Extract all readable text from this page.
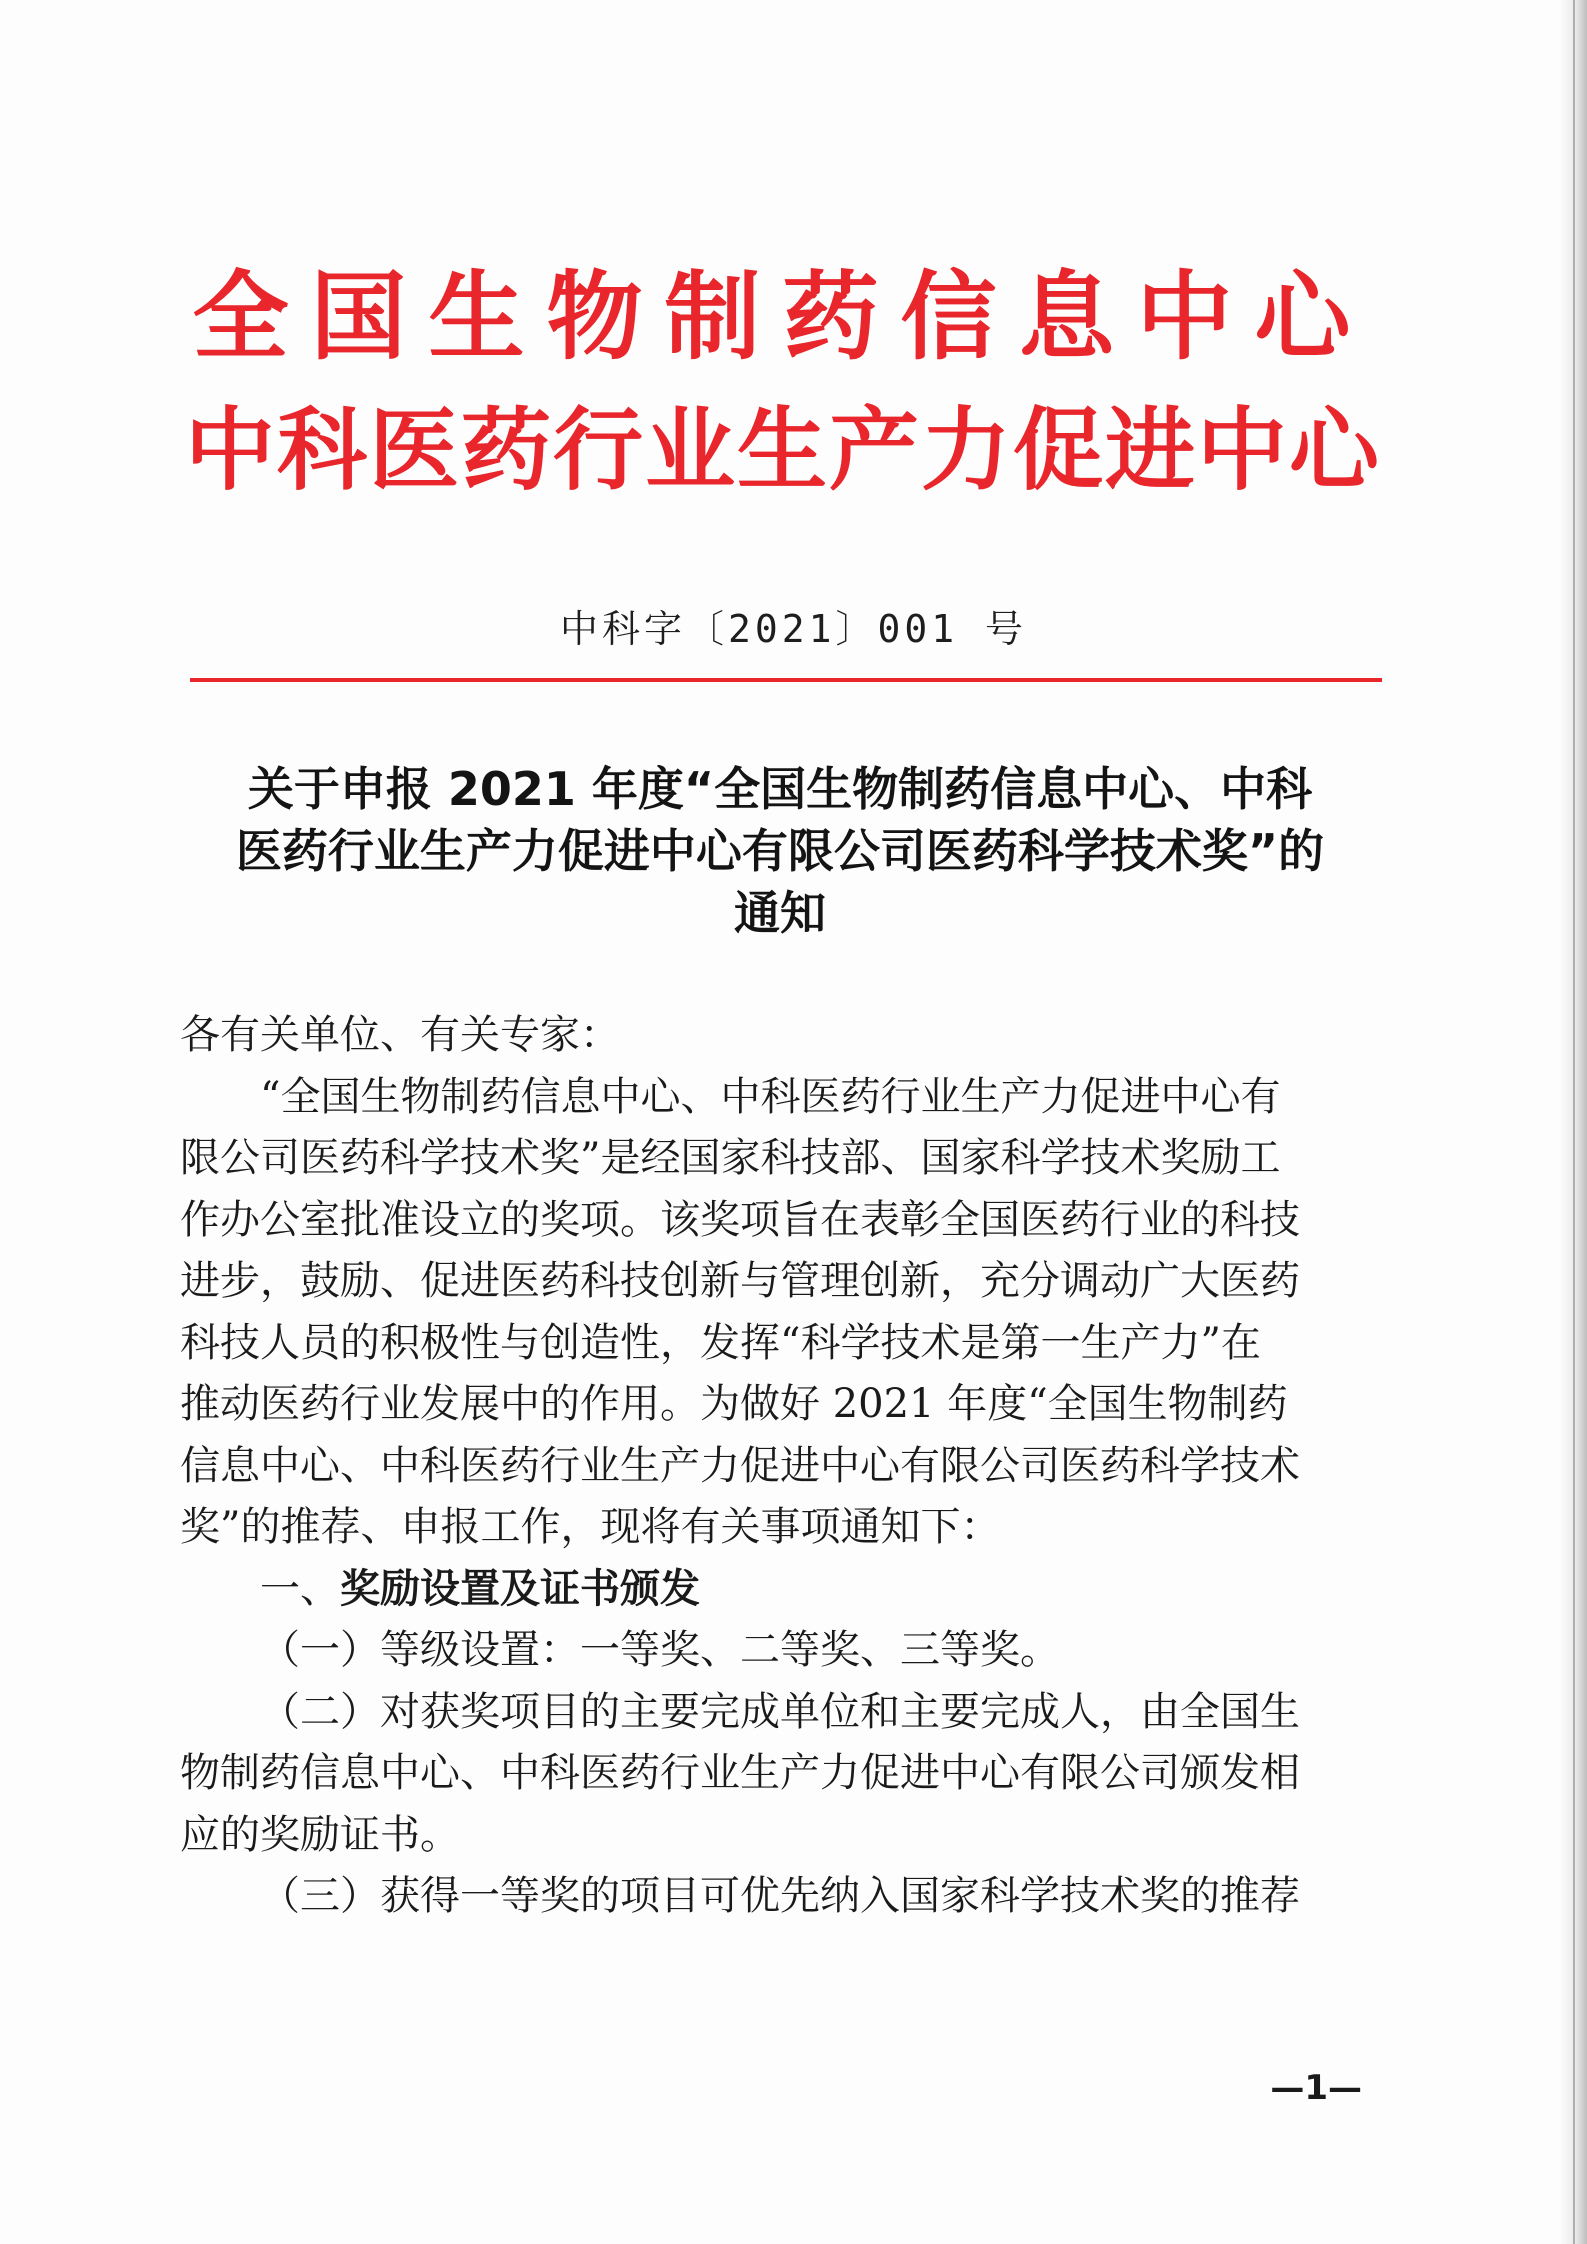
全国生物制药信息中心
中科医药行业生产力促进中心
中科字〔2021〕001 号
关于申报 2021 年度“全国生物制药信息中心、中科
医药行业生产力促进中心有限公司医药科学技术奖”的
通知

各有关单位、有关专家：

“全国生物制药信息中心、中科医药行业生产力促进中心有

限公司医药科学技术奖”是经国家科技部、国家科学技术奖励工
作办公室批准设立的奖项。该奖项旨在表彰全国医药行业的科技
进步，鼓励、促进医药科技创新与管理创新，充分调动广大医药
科技人员的积极性与创造性，发挥“科学技术是第一生产力”在
推动医药行业发展中的作用。为做好 2021 年度“全国生物制药
信息中心、中科医药行业生产力促进中心有限公司医药科学技术
奖”的推荐、申报工作，现将有关事项通知下：

一、奖励设置及证书颁发

（一）等级设置：一等奖、二等奖、三等奖。

（二）对获奖项目的主要完成单位和主要完成人，由全国生

物制药信息中心、中科医药行业生产力促进中心有限公司颁发相
应的奖励证书。

（三）获得一等奖的项目可优先纳入国家科学技术奖的推荐

—1—
